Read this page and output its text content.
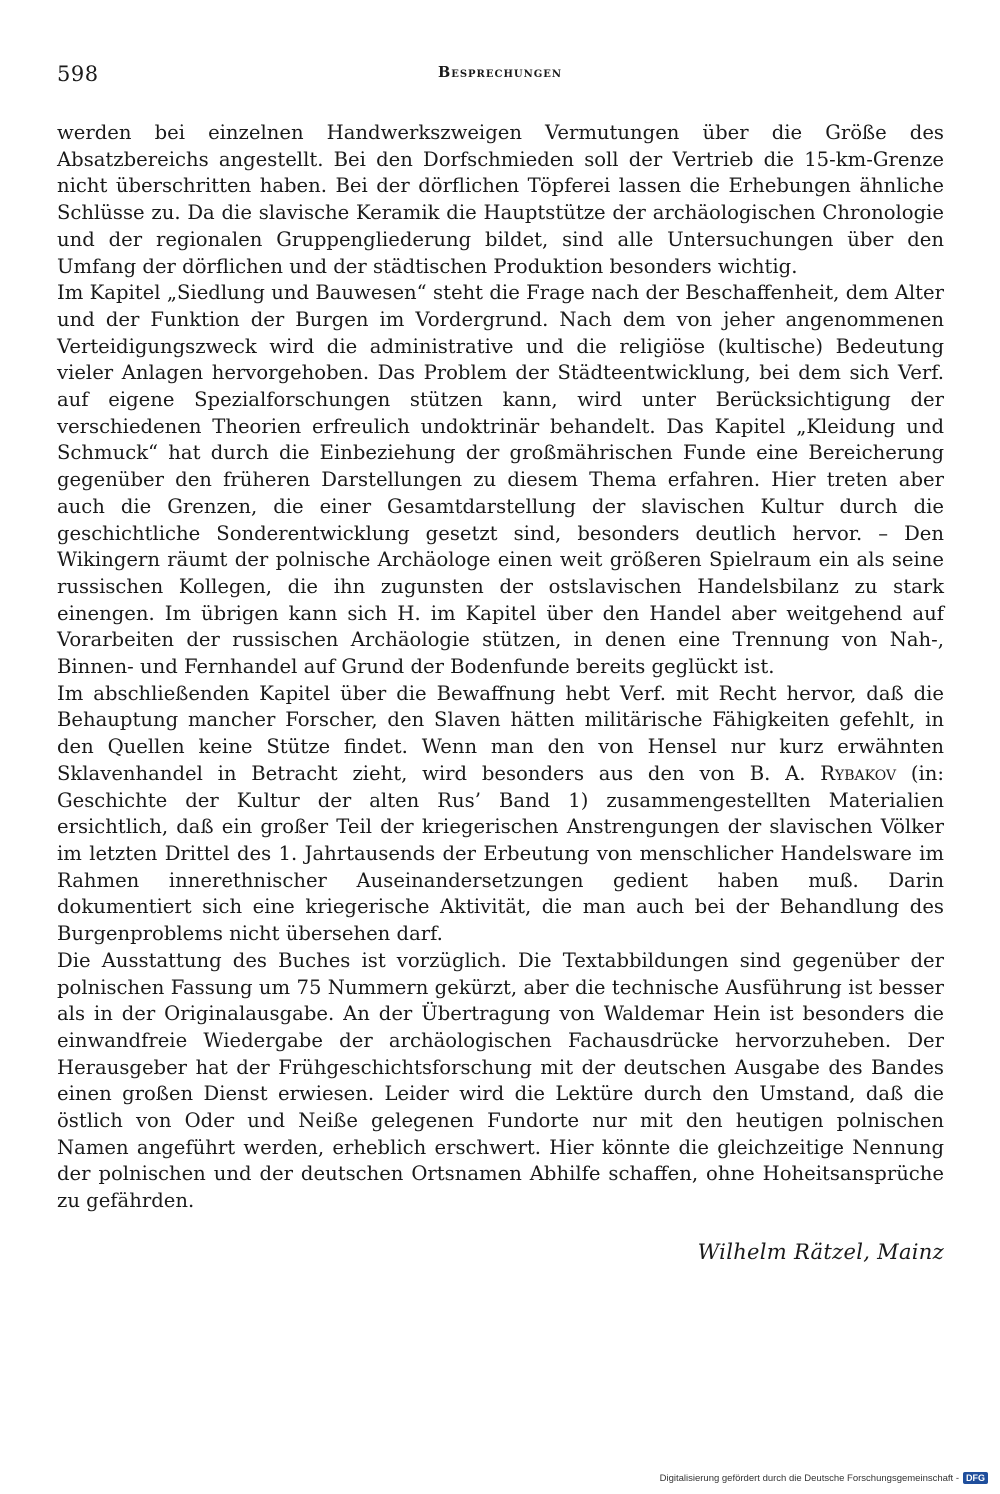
598	Besprechungen

werden bei einzelnen Handwerkszweigen Vermutungen über die Größe des Absatzbereichs angestellt. Bei den Dorfschmieden soll der Vertrieb die 15-km-Grenze nicht überschritten haben. Bei der dörflichen Töpferei lassen die Erhebungen ähnliche Schlüsse zu. Da die slavische Keramik die Hauptstütze der archäologischen Chronologie und der regionalen Gruppengliederung bildet, sind alle Untersuchungen über den Umfang der dörflichen und der städtischen Produktion besonders wichtig.

Im Kapitel „Siedlung und Bauwesen“ steht die Frage nach der Beschaffenheit, dem Alter und der Funktion der Burgen im Vordergrund. Nach dem von jeher angenommenen Verteidigungszweck wird die administrative und die religiöse (kultische) Bedeutung vieler Anlagen hervorgehoben. Das Problem der Städteentwicklung, bei dem sich Verf. auf eigene Spezialforschungen stützen kann, wird unter Berücksichtigung der verschiedenen Theorien erfreulich undoktrinär behandelt. Das Kapitel „Kleidung und Schmuck“ hat durch die Einbeziehung der großmährischen Funde eine Bereicherung gegenüber den früheren Darstellungen zu diesem Thema erfahren. Hier treten aber auch die Grenzen, die einer Gesamtdarstellung der slavischen Kultur durch die geschichtliche Sonderentwicklung gesetzt sind, besonders deutlich hervor. – Den Wikingern räumt der polnische Archäologe einen weit größeren Spielraum ein als seine russischen Kollegen, die ihn zugunsten der ostslavischen Handelsbilanz zu stark einengen. Im übrigen kann sich H. im Kapitel über den Handel aber weitgehend auf Vorarbeiten der russischen Archäologie stützen, in denen eine Trennung von Nah-, Binnen- und Fernhandel auf Grund der Bodenfunde bereits geglückt ist.

Im abschließenden Kapitel über die Bewaffnung hebt Verf. mit Recht hervor, daß die Behauptung mancher Forscher, den Slaven hätten militärische Fähigkeiten gefehlt, in den Quellen keine Stütze findet. Wenn man den von Hensel nur kurz erwähnten Sklavenhandel in Betracht zieht, wird besonders aus den von B. A. Rybakov (in: Geschichte der Kultur der alten Rus’ Band 1) zusammengestellten Materialien ersichtlich, daß ein großer Teil der kriegerischen Anstrengungen der slavischen Völker im letzten Drittel des 1. Jahrtausends der Erbeutung von menschlicher Handelsware im Rahmen innerethnischer Auseinandersetzungen gedient haben muß. Darin dokumentiert sich eine kriegerische Aktivität, die man auch bei der Behandlung des Burgenproblems nicht übersehen darf.

Die Ausstattung des Buches ist vorzüglich. Die Textabbildungen sind gegenüber der polnischen Fassung um 75 Nummern gekürzt, aber die technische Ausführung ist besser als in der Originalausgabe. An der Übertragung von Waldemar Hein ist besonders die einwandfreie Wiedergabe der archäologischen Fachausdrücke hervorzuheben. Der Herausgeber hat der Frühgeschichtsforschung mit der deutschen Ausgabe des Bandes einen großen Dienst erwiesen. Leider wird die Lektüre durch den Umstand, daß die östlich von Oder und Neiße gelegenen Fundorte nur mit den heutigen polnischen Namen angeführt werden, erheblich erschwert. Hier könnte die gleichzeitige Nennung der polnischen und der deutschen Ortsnamen Abhilfe schaffen, ohne Hoheitsansprüche zu gefährden.

Wilhelm Rätzel, Mainz
Digitalisierung gefördert durch die Deutsche Forschungsgemeinschaft - DFG
